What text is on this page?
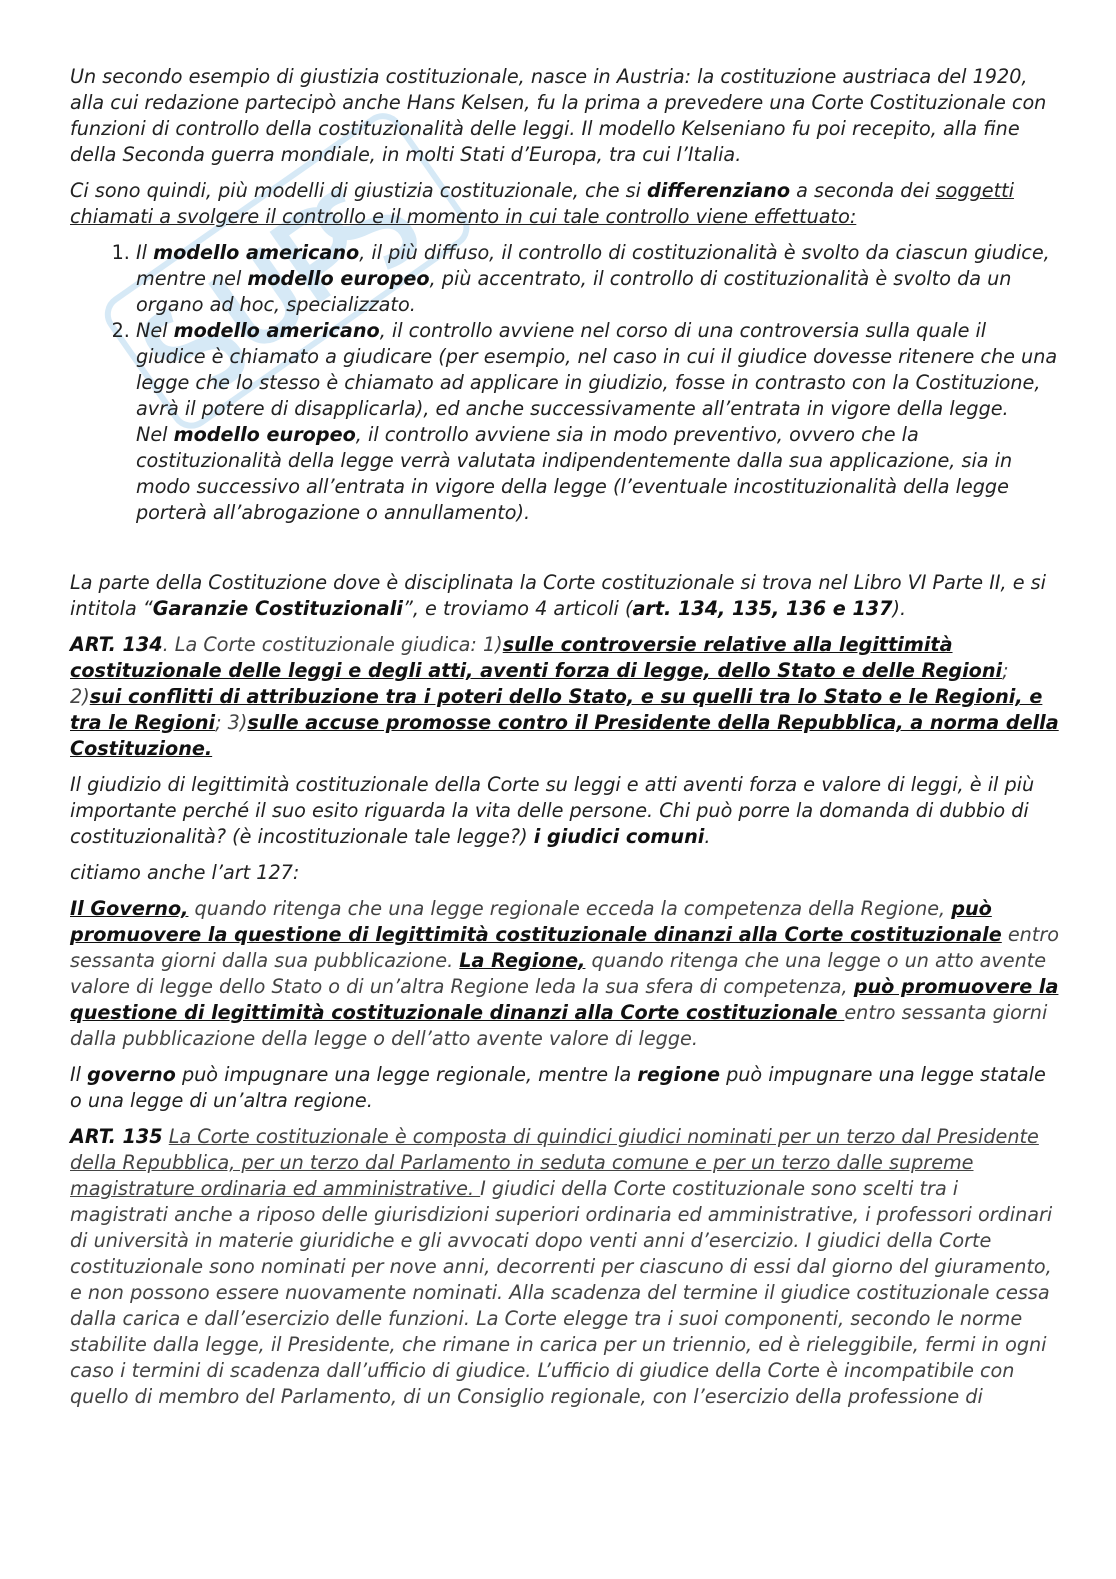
Un secondo esempio di giustizia costituzionale, nasce in Austria: la costituzione austriaca del 1920, alla cui redazione partecipò anche Hans Kelsen, fu la prima a prevedere una Corte Costituzionale con funzioni di controllo della costituzionalità delle leggi. Il modello Kelseniano fu poi recepito, alla fine della Seconda guerra mondiale, in molti Stati d’Europa, tra cui l’Italia.

Ci sono quindi, più modelli di giustizia costituzionale, che si differenziano a seconda dei soggetti chiamati a svolgere il controllo e il momento in cui tale controllo viene effettuato:

1. Il modello americano, il più diffuso, il controllo di costituzionalità è svolto da ciascun giudice, mentre nel modello europeo, più accentrato, il controllo di costituzionalità è svolto da un organo ad hoc, specializzato.
2. Nel modello americano, il controllo avviene nel corso di una controversia sulla quale il giudice è chiamato a giudicare (per esempio, nel caso in cui il giudice dovesse ritenere che una legge che lo stesso è chiamato ad applicare in giudizio, fosse in contrasto con la Costituzione, avrà il potere di disapplicarla), ed anche successivamente all’entrata in vigore della legge.
Nel modello europeo, il controllo avviene sia in modo preventivo, ovvero che la costituzionalità della legge verrà valutata indipendentemente dalla sua applicazione, sia in modo successivo all’entrata in vigore della legge (l’eventuale incostituzionalità della legge porterà all’abrogazione o annullamento).

La parte della Costituzione dove è disciplinata la Corte costituzionale si trova nel Libro VI Parte II, e si intitola “Garanzie Costituzionali”, e troviamo 4 articoli (art. 134, 135, 136 e 137).

ART. 134. La Corte costituzionale giudica: 1)sulle controversie relative alla legittimità costituzionale delle leggi e degli atti, aventi forza di legge, dello Stato e delle Regioni; 2)sui conflitti di attribuzione tra i poteri dello Stato, e su quelli tra lo Stato e le Regioni, e tra le Regioni; 3)sulle accuse promosse contro il Presidente della Repubblica, a norma della Costituzione.

Il giudizio di legittimità costituzionale della Corte su leggi e atti aventi forza e valore di leggi, è il più importante perché il suo esito riguarda la vita delle persone. Chi può porre la domanda di dubbio di costituzionalità? (è incostituzionale tale legge?) i giudici comuni.

citiamo anche l’art 127:

Il Governo, quando ritenga che una legge regionale ecceda la competenza della Regione, può promuovere la questione di legittimità costituzionale dinanzi alla Corte costituzionale entro sessanta giorni dalla sua pubblicazione. La Regione, quando ritenga che una legge o un atto avente valore di legge dello Stato o di un’altra Regione leda la sua sfera di competenza, può promuovere la questione di legittimità costituzionale dinanzi alla Corte costituzionale entro sessanta giorni dalla pubblicazione della legge o dell’atto avente valore di legge.

Il governo può impugnare una legge regionale, mentre la regione può impugnare una legge statale o una legge di un’altra regione.

ART. 135 La Corte costituzionale è composta di quindici giudici nominati per un terzo dal Presidente della Repubblica, per un terzo dal Parlamento in seduta comune e per un terzo dalle supreme magistrature ordinaria ed amministrative. I giudici della Corte costituzionale sono scelti tra i magistrati anche a riposo delle giurisdizioni superiori ordinaria ed amministrative, i professori ordinari di università in materie giuridiche e gli avvocati dopo venti anni d’esercizio. I giudici della Corte costituzionale sono nominati per nove anni, decorrenti per ciascuno di essi dal giorno del giuramento, e non possono essere nuovamente nominati. Alla scadenza del termine il giudice costituzionale cessa dalla carica e dall’esercizio delle funzioni. La Corte elegge tra i suoi componenti, secondo le norme stabilite dalla legge, il Presidente, che rimane in carica per un triennio, ed è rieleggibile, fermi in ogni caso i termini di scadenza dall’ufficio di giudice. L’ufficio di giudice della Corte è incompatibile con quello di membro del Parlamento, di un Consiglio regionale, con l’esercizio della professione di
